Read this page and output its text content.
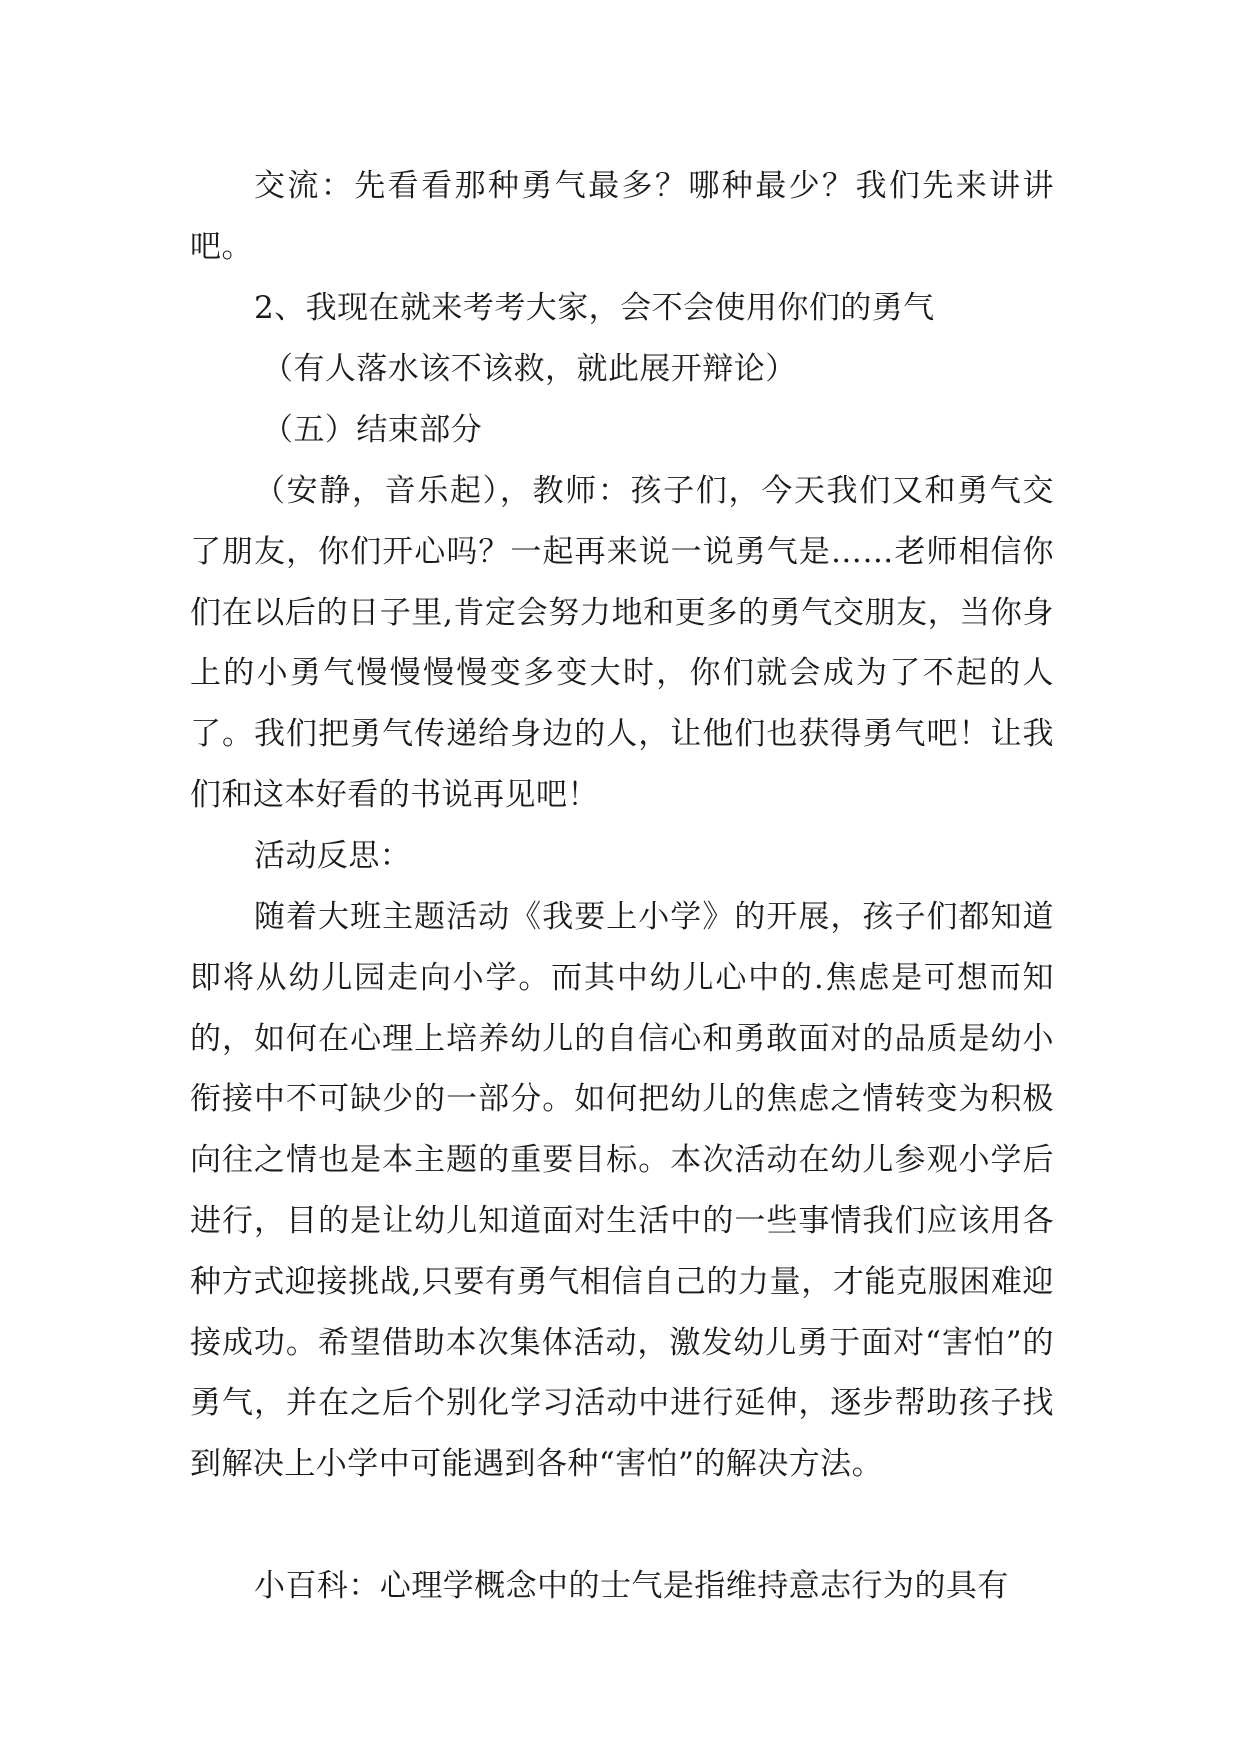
交流：先看看那种勇气最多？哪种最少？我们先来讲讲吧。

2、我现在就来考考大家，会不会使用你们的勇气

（有人落水该不该救，就此展开辩论）

（五）结束部分

（安静，音乐起），教师：孩子们，今天我们又和勇气交了朋友，你们开心吗？一起再来说一说勇气是……老师相信你们在以后的日子里,肯定会努力地和更多的勇气交朋友，当你身上的小勇气慢慢慢慢变多变大时，你们就会成为了不起的人了。我们把勇气传递给身边的人，让他们也获得勇气吧！让我们和这本好看的书说再见吧！

活动反思：

随着大班主题活动《我要上小学》的开展，孩子们都知道即将从幼儿园走向小学。而其中幼儿心中的.焦虑是可想而知的，如何在心理上培养幼儿的自信心和勇敢面对的品质是幼小衔接中不可缺少的一部分。如何把幼儿的焦虑之情转变为积极向往之情也是本主题的重要目标。本次活动在幼儿参观小学后进行，目的是让幼儿知道面对生活中的一些事情我们应该用各种方式迎接挑战,只要有勇气相信自己的力量，才能克服困难迎接成功。希望借助本次集体活动，激发幼儿勇于面对“害怕”的勇气，并在之后个别化学习活动中进行延伸，逐步帮助孩子找到解决上小学中可能遇到各种“害怕”的解决方法。

小百科：心理学概念中的士气是指维持意志行为的具有
